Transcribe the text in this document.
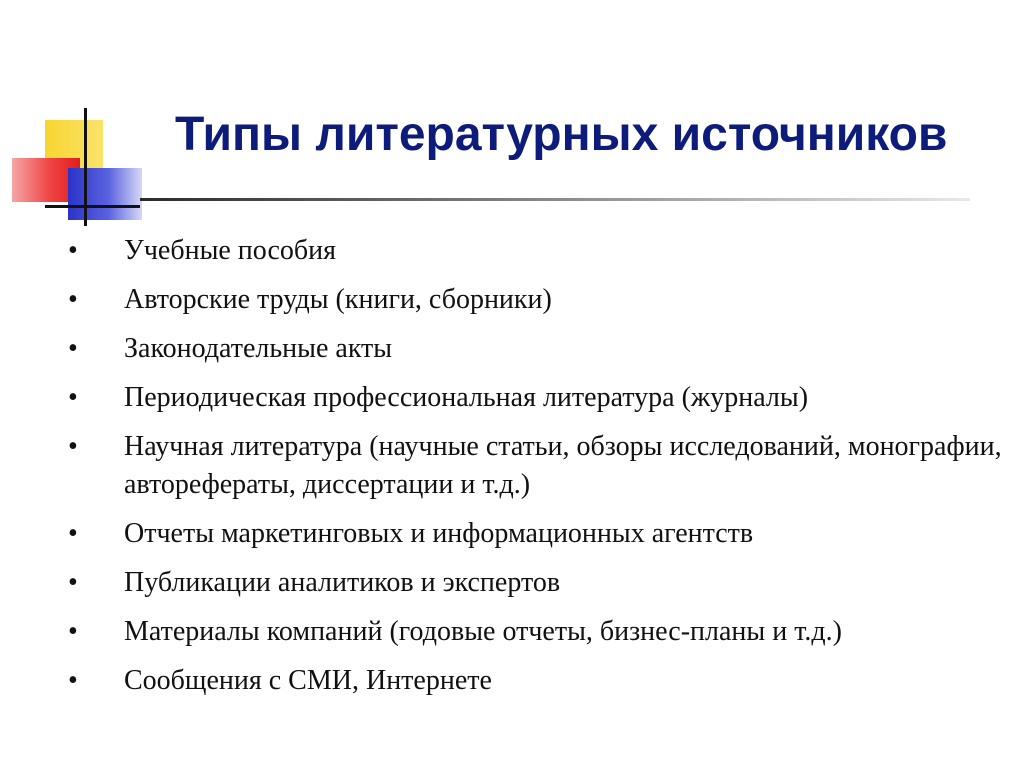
Типы литературных источников
• Учебные пособия
• Авторские труды (книги, сборники)
• Законодательные акты
• Периодическая профессиональная литература (журналы)
• Научная литература (научные статьи, обзоры исследований, монографии, авторефераты, диссертации и т.д.)
• Отчеты маркетинговых и информационных агентств
• Публикации аналитиков и экспертов
• Материалы компаний (годовые отчеты, бизнес-планы и т.д.)
• Сообщения с СМИ, Интернете
